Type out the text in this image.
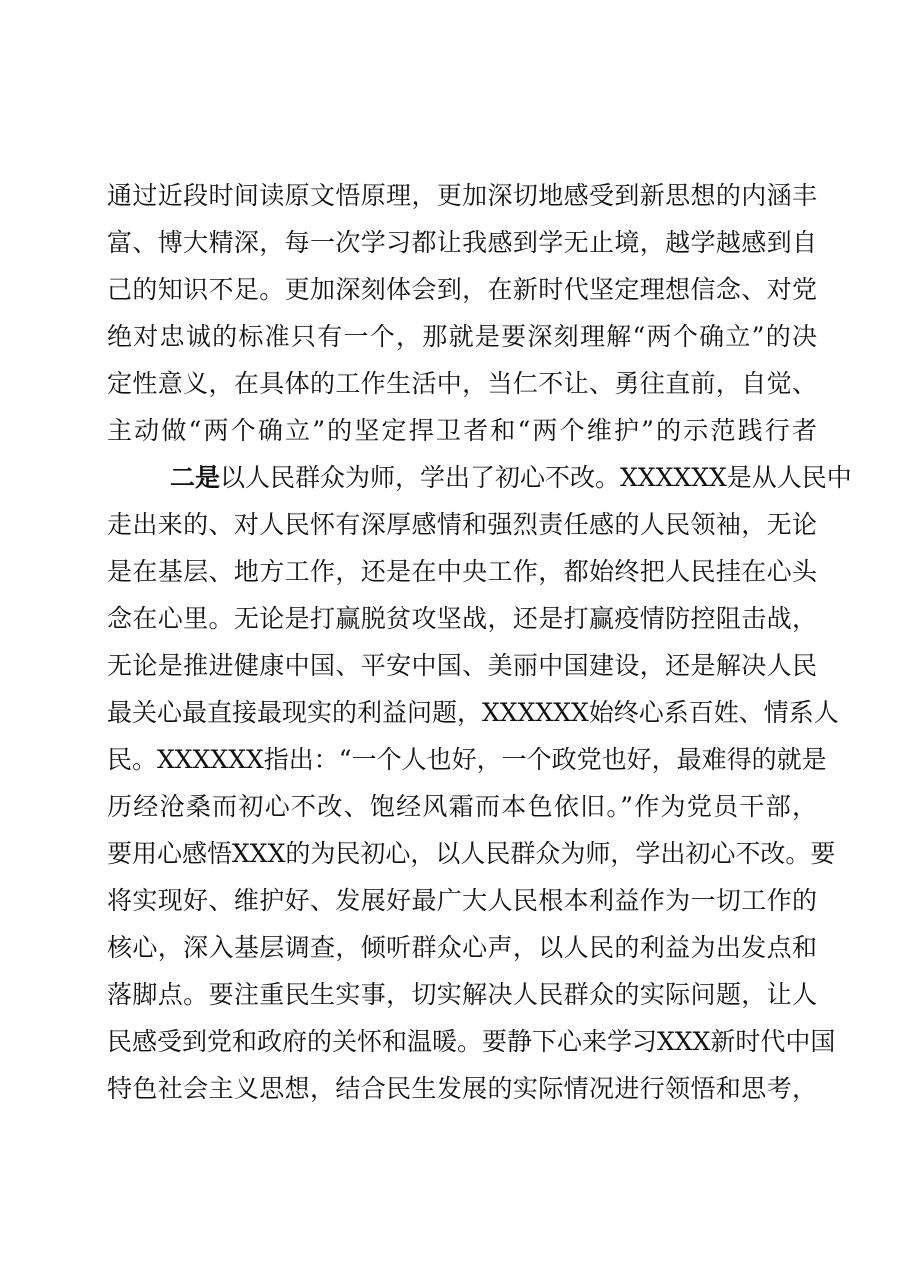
通过近段时间读原文悟原理，更加深切地感受到新思想的内涵丰
富、博大精深，每一次学习都让我感到学无止境，越学越感到自
己的知识不足。更加深刻体会到，在新时代坚定理想信念、对党
绝对忠诚的标准只有一个，那就是要深刻理解“两个确立”的决
定性意义，在具体的工作生活中，当仁不让、勇往直前，自觉、
主动做“两个确立”的坚定捍卫者和“两个维护”的示范践行者
二是以人民群众为师，学出了初心不改。XXXXXX是从人民中
走出来的、对人民怀有深厚感情和强烈责任感的人民领袖，无论
是在基层、地方工作，还是在中央工作，都始终把人民挂在心头
念在心里。无论是打赢脱贫攻坚战，还是打赢疫情防控阻击战，
无论是推进健康中国、平安中国、美丽中国建设，还是解决人民
最关心最直接最现实的利益问题，XXXXXX始终心系百姓、情系人
民。XXXXXX指出：“一个人也好，一个政党也好，最难得的就是
历经沧桑而初心不改、饱经风霜而本色依旧。”作为党员干部，
要用心感悟XXX的为民初心，以人民群众为师，学出初心不改。要
将实现好、维护好、发展好最广大人民根本利益作为一切工作的
核心，深入基层调查，倾听群众心声，以人民的利益为出发点和
落脚点。要注重民生实事，切实解决人民群众的实际问题，让人
民感受到党和政府的关怀和温暖。要静下心来学习XXX新时代中国
特色社会主义思想，结合民生发展的实际情况进行领悟和思考，
